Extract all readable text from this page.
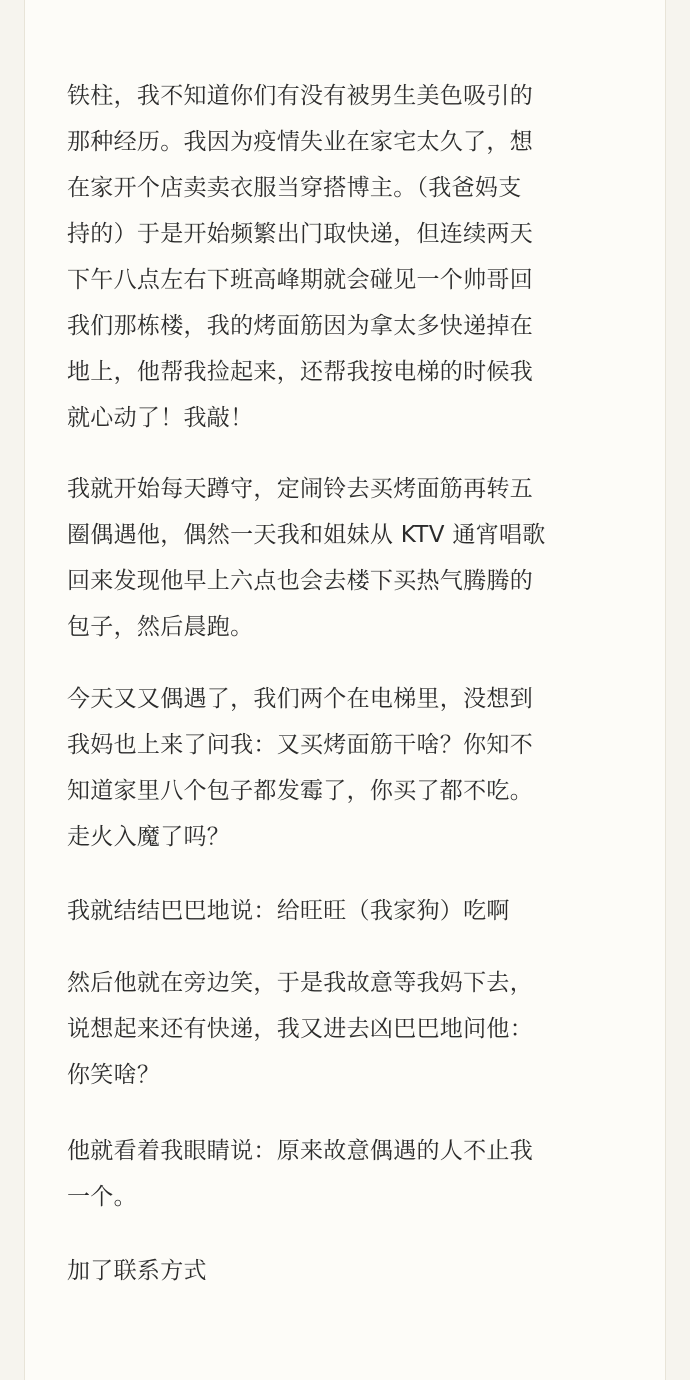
铁柱，我不知道你们有没有被男生美色吸引的
那种经历。我因为疫情失业在家宅太久了，想
在家开个店卖卖衣服当穿搭博主。（我爸妈支
持的）于是开始频繁出门取快递，但连续两天
下午八点左右下班高峰期就会碰见一个帅哥回
我们那栋楼，我的烤面筋因为拿太多快递掉在
地上，他帮我捡起来，还帮我按电梯的时候我
就心动了！我敲！
我就开始每天蹲守，定闹铃去买烤面筋再转五
圈偶遇他，偶然一天我和姐妹从 KTV 通宵唱歌
回来发现他早上六点也会去楼下买热气腾腾的
包子，然后晨跑。
今天又又偶遇了，我们两个在电梯里，没想到
我妈也上来了问我：又买烤面筋干啥？你知不
知道家里八个包子都发霉了，你买了都不吃。
走火入魔了吗？
我就结结巴巴地说：给旺旺（我家狗）吃啊
然后他就在旁边笑，于是我故意等我妈下去，
说想起来还有快递，我又进去凶巴巴地问他：
你笑啥？
他就看着我眼睛说：原来故意偶遇的人不止我
一个。
加了联系方式
